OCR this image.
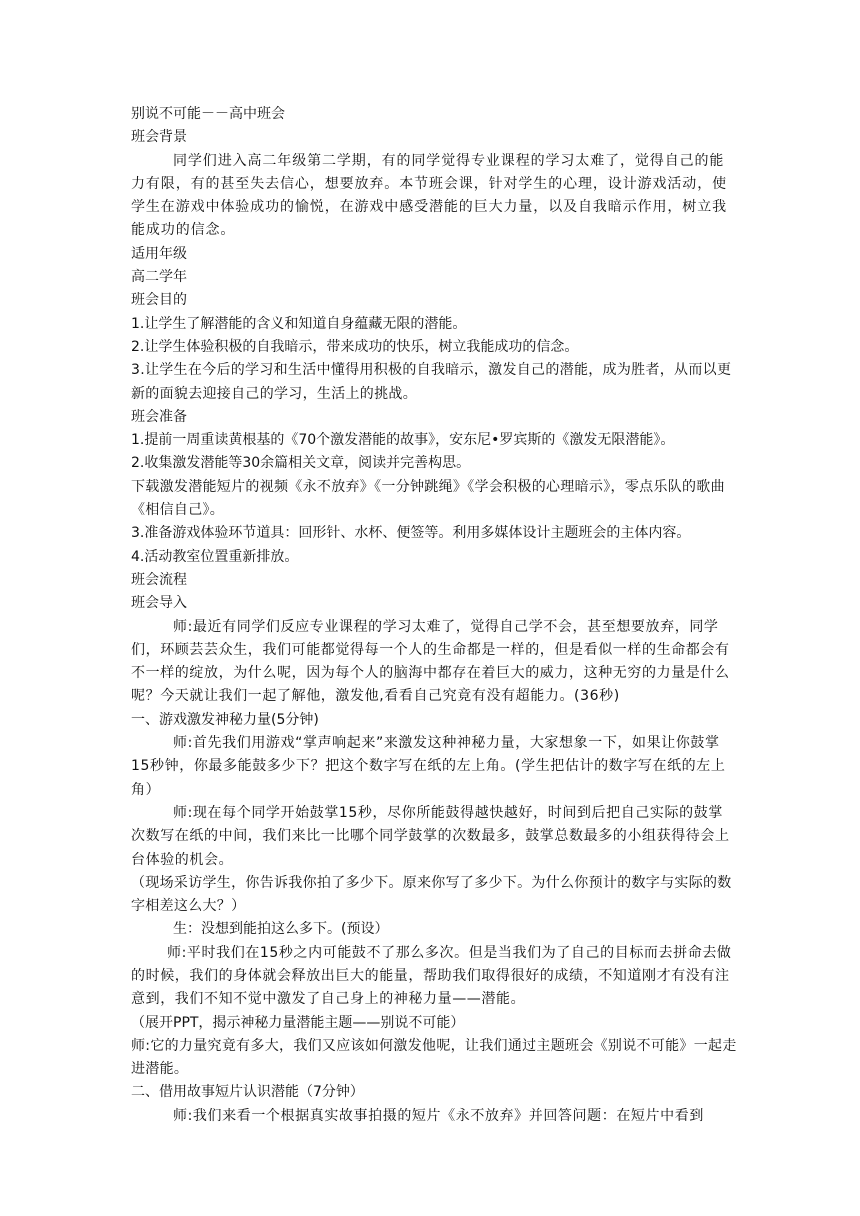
别说不可能－－高中班会

班会背景

同学们进入高二年级第二学期，有的同学觉得专业课程的学习太难了，觉得自己的能力有限，有的甚至失去信心，想要放弃。本节班会课，针对学生的心理，设计游戏活动，使学生在游戏中体验成功的愉悦，在游戏中感受潜能的巨大力量，以及自我暗示作用，树立我能成功的信念。

适用年级

高二学年

班会目的

1.让学生了解潜能的含义和知道自身蕴藏无限的潜能。

2.让学生体验积极的自我暗示，带来成功的快乐，树立我能成功的信念。

3.让学生在今后的学习和生活中懂得用积极的自我暗示，激发自己的潜能，成为胜者，从而以更新的面貌去迎接自己的学习，生活上的挑战。

班会准备

1.提前一周重读黄根基的《70个激发潜能的故事》，安东尼•罗宾斯的《激发无限潜能》。

2.收集激发潜能等30余篇相关文章，阅读并完善构思。

下载激发潜能短片的视频《永不放弃》《一分钟跳绳》《学会积极的心理暗示》，零点乐队的歌曲《相信自己》。

3.准备游戏体验环节道具：回形针、水杯、便签等。利用多媒体设计主题班会的主体内容。

4.活动教室位置重新排放。

班会流程

班会导入

师:最近有同学们反应专业课程的学习太难了，觉得自己学不会，甚至想要放弃，同学们，环顾芸芸众生，我们可能都觉得每一个人的生命都是一样的，但是看似一样的生命都会有不一样的绽放，为什么呢，因为每个人的脑海中都存在着巨大的威力，这种无穷的力量是什么呢？今天就让我们一起了解他，激发他,看看自己究竟有没有超能力。(36秒)

一、游戏激发神秘力量(5分钟)

师:首先我们用游戏“掌声响起来”来激发这种神秘力量，大家想象一下，如果让你鼓掌15秒钟，你最多能鼓多少下？把这个数字写在纸的左上角。(学生把估计的数字写在纸的左上角）

师:现在每个同学开始鼓掌15秒，尽你所能鼓得越快越好，时间到后把自己实际的鼓掌次数写在纸的中间，我们来比一比哪个同学鼓掌的次数最多，鼓掌总数最多的小组获得待会上台体验的机会。

（现场采访学生，你告诉我你拍了多少下。原来你写了多少下。为什么你预计的数字与实际的数字相差这么大？）

生：没想到能拍这么多下。(预设）

师:平时我们在15秒之内可能鼓不了那么多次。但是当我们为了自己的目标而去拼命去做的时候，我们的身体就会释放出巨大的能量，帮助我们取得很好的成绩，不知道刚才有没有注意到，我们不知不觉中激发了自己身上的神秘力量——潜能。

（展开PPT，揭示神秘力量潜能主题——别说不可能）

师:它的力量究竟有多大，我们又应该如何激发他呢，让我们通过主题班会《别说不可能》一起走进潜能。

二、借用故事短片认识潜能（7分钟）

师:我们来看一个根据真实故事拍摄的短片《永不放弃》并回答问题：在短片中看到
